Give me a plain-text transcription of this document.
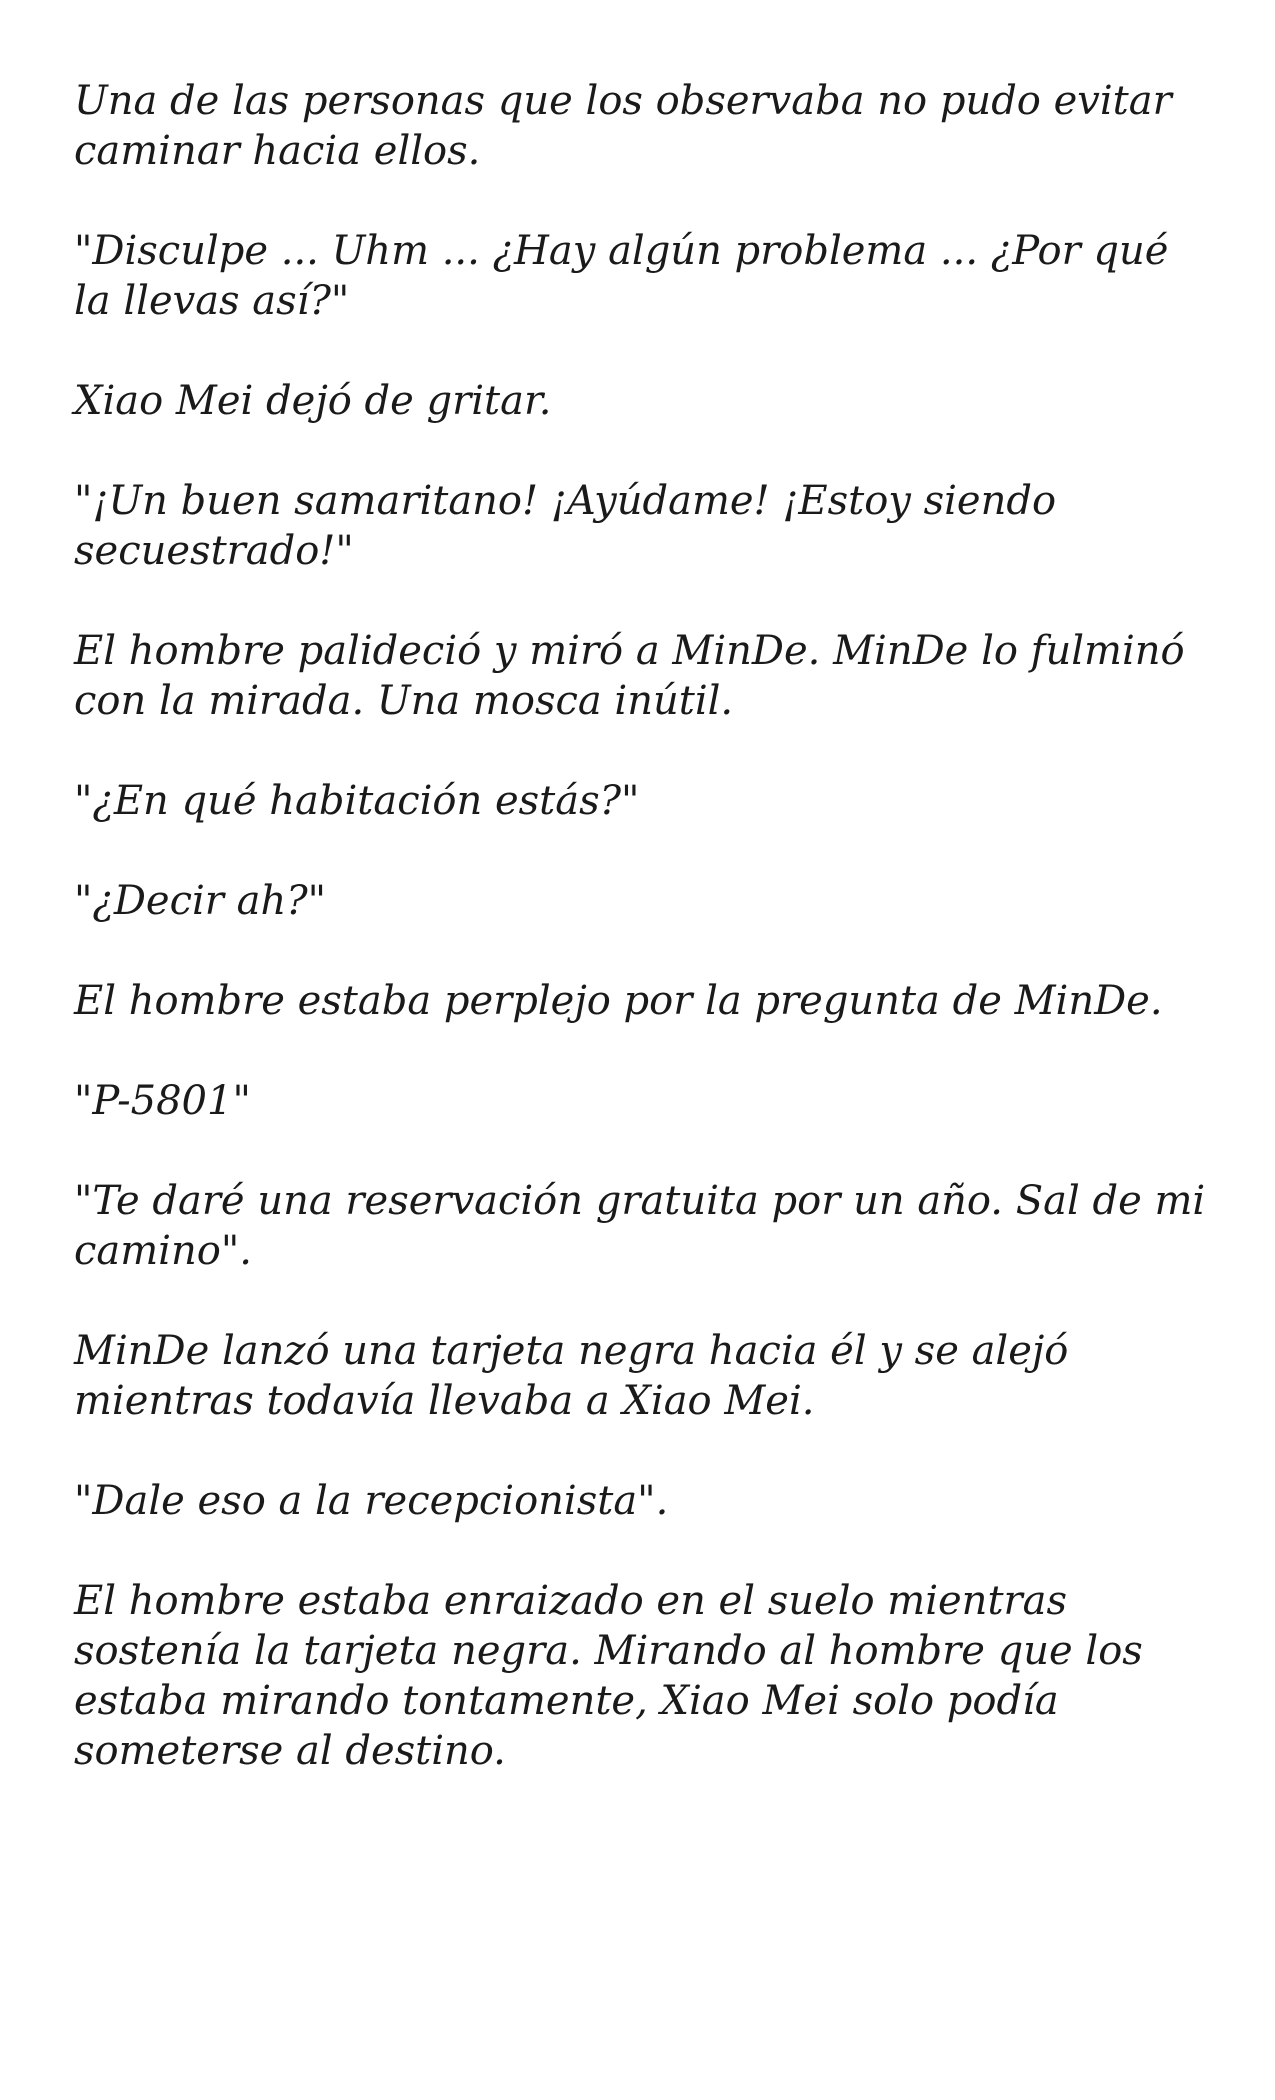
Una de las personas que los observaba no pudo evitar caminar hacia ellos.

"Disculpe ... Uhm ... ¿Hay algún problema ... ¿Por qué la llevas así?"

Xiao Mei dejó de gritar.

"¡Un buen samaritano! ¡Ayúdame! ¡Estoy siendo secuestrado!"

El hombre palideció y miró a MinDe. MinDe lo fulminó con la mirada. Una mosca inútil.

"¿En qué habitación estás?"

"¿Decir ah?"

El hombre estaba perplejo por la pregunta de MinDe.

"P-5801"

"Te daré una reservación gratuita por un año. Sal de mi camino".

MinDe lanzó una tarjeta negra hacia él y se alejó mientras todavía llevaba a Xiao Mei.

"Dale eso a la recepcionista".

El hombre estaba enraizado en el suelo mientras sostenía la tarjeta negra. Mirando al hombre que los estaba mirando tontamente, Xiao Mei solo podía someterse al destino.
